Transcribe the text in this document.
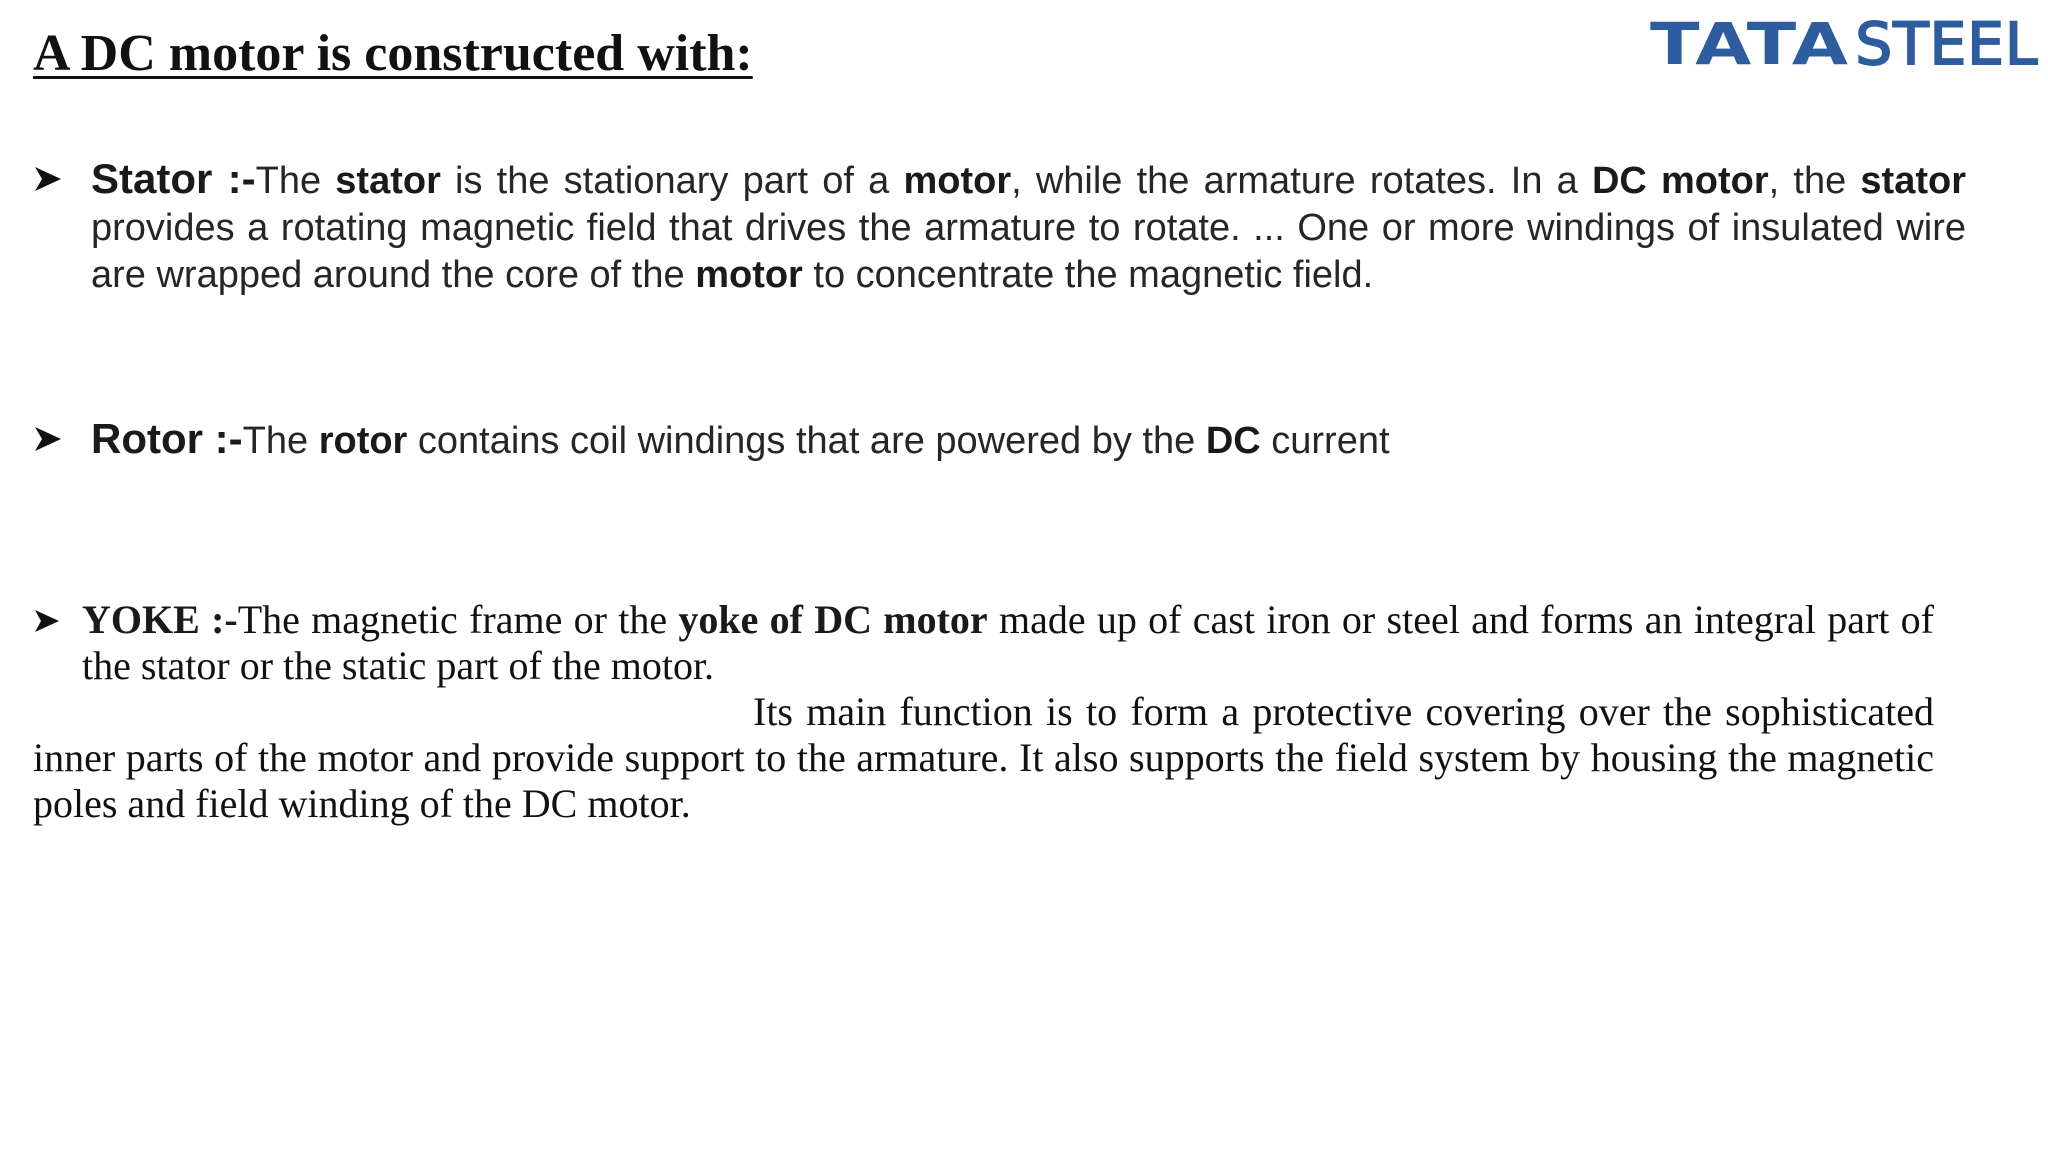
A DC motor is constructed with:	TATA STEEL

Stator :-The stator is the stationary part of a motor, while the armature rotates. In a DC motor, the stator provides a rotating magnetic field that drives the armature to rotate. ... One or more windings of insulated wire are wrapped around the core of the motor to concentrate the magnetic field.

Rotor :-The rotor contains coil windings that are powered by the DC current

YOKE :-The magnetic frame or the yoke of DC motor made up of cast iron or steel and forms an integral part of the stator or the static part of the motor.

Its main function is to form a protective covering over the sophisticated inner parts of the motor and provide support to the armature. It also supports the field system by housing the magnetic poles and field winding of the DC motor.
